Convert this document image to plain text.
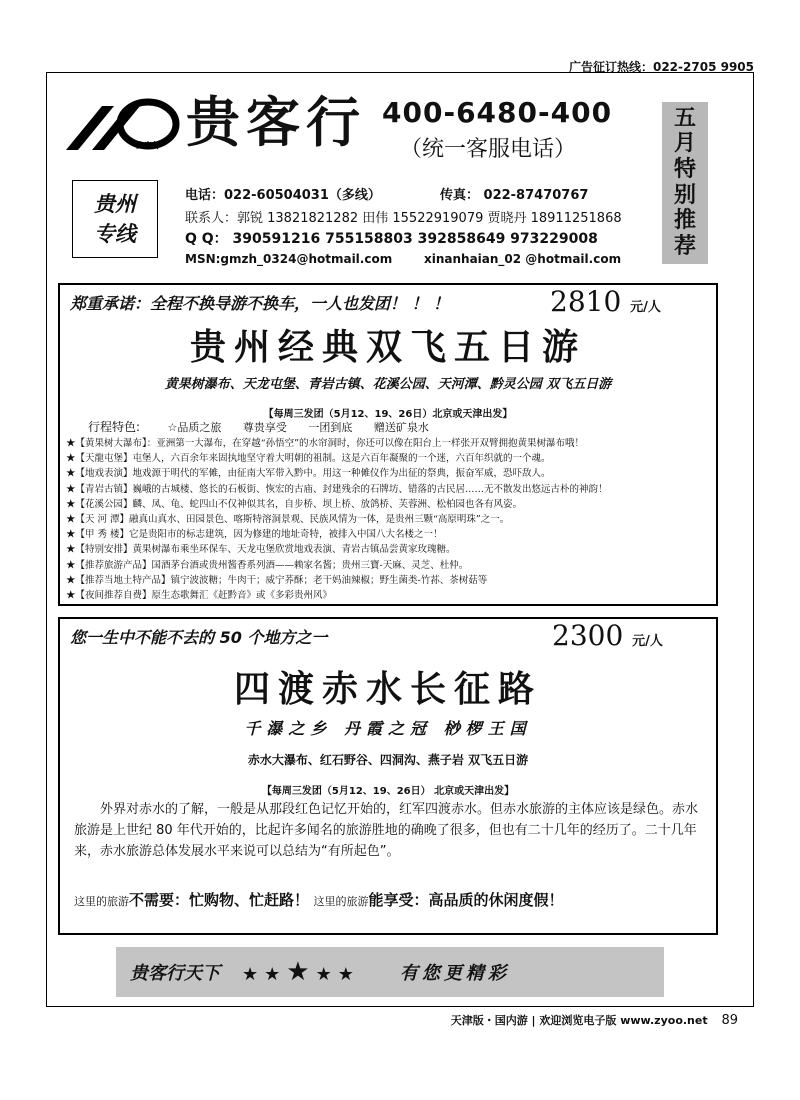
广告征订热线：022-2705 9905
贵客行 贵客行 400-6480-400
（统一客服电话）
贵州
专线
电话：022-60504031（多线）	传真： 022-87470767
联系人：郭锐 13821821282 田伟 15522919079 贾晓丹 18911251868
Q Q： 390591216 755158803 392858649 973229008
MSN:gmzh_0324@hotmail.com	xinanhaian_02 @hotmail.com
五
月
特
别
推
荐
郑重承诺：全程不换导游不换车，一人也发团！ ！ ！	2810 元/人
贵州经典双飞五日游
黄果树瀑布、天龙屯堡、青岩古镇、花溪公园、天河潭、黔灵公园 双飞五日游
【每周三发团（5月12、19、26日）北京或天津出发】
行程特色:	☆品质之旅 尊贵享受 一团到底 赠送矿泉水
★【黄果树大瀑布】：亚洲第一大瀑布，在穿越“孙悟空”的水帘洞时，你还可以像在阳台上一样张开双臂拥抱黄果树瀑布哦！
★【天龍屯堡】屯堡人，六百余年来固执地坚守着大明朝的祖制。这是六百年凝聚的一个迷，六百年织就的一个魂。
★【地戏表演】地戏源于明代的军傩，由征南大军带入黔中。用这一种傩仪作为出征的祭典，振奋军威，恐吓敌人。
★【青岩古镇】巍峨的古城楼、悠长的石板街、恢宏的古庙、封建残余的石牌坊、错落的古民居……无不散发出悠远古朴的神韵！
★【花溪公园】麟、凤、龟、蛇四山不仅神似其名，自步桥、坝上桥、放鸽桥、芙蓉洲、松柏园也各有风姿。
★【天 河 潭】融真山真水、田园景色、喀斯特溶洞景观、民族风情为一体，是贵州三颗“高原明珠”之一。
★【甲 秀 楼】它是贵阳市的标志建筑，因为修建的地址奇特，被排入中国八大名楼之一！
★【特别安排】黄果树瀑布乘坐环保车、天龙屯堡欣赏地戏表演、青岩古镇品尝黄家玫瑰糖。
★【推荐旅游产品】国酒茅台酒或贵州酱香系列酒——赖家名酱；贵州三寶-天麻、灵芝、杜仲。
★【推荐当地土特产品】镇宁波波糖；牛肉干；威宁荞酥；老干妈油辣椒；野生菌类-竹荪、茶树菇等
★【夜间推荐自费】原生态歌舞汇《赶黔音》或《多彩贵州风》
您一生中不能不去的 50 个地方之一	2300 元/人
四渡赤水长征路
千瀑之乡 丹霞之冠 桫椤王国
赤水大瀑布、红石野谷、四洞沟、燕子岩 双飞五日游
【每周三发团（5月12、19、26日） 北京或天津出发】
外界对赤水的了解，一般是从那段红色记忆开始的，红军四渡赤水。但赤水旅游的主体应该是绿色。赤水旅游是上世纪 80 年代开始的，比起许多闻名的旅游胜地的确晚了很多，但也有二十几年的经历了。二十几年来，赤水旅游总体发展水平来说可以总结为“有所起色”。
这里的旅游不需要：忙购物、忙赶路！ 这里的旅游能享受：高品质的休闲度假！
贵客行天下 ★★★★★ 有您更精彩
天津版・国内游 | 欢迎浏览电子版 www.zyoo.net 89
